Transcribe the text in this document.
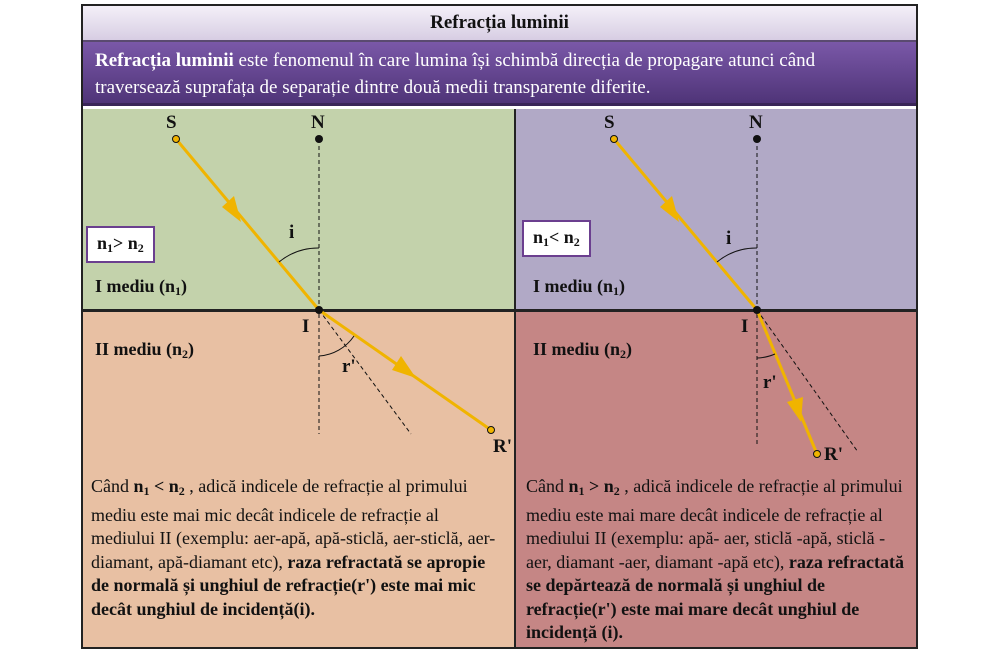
Refracția luminii
Refracția luminii este fenomenul în care lumina își schimbă direcția de propagare atunci când traversează suprafața de separație dintre două medii transparente diferite.
S	N
i
I
r'
R'
$n_1> n_2$
I mediu $(n_1)$
II mediu $(n_2)$
Când $n_1 < n_2$ , adică indicele de refracție al primului mediu este mai mic decât indicele de refracție al mediului II (exemplu: aer-apă, apă-sticlă, aer-sticlă, aer-diamant, apă-diamant etc), raza refractată se apropie de normală și unghiul de refracție(r') este mai mic decât unghiul de incidență(i).
S	N
i
I
r'
R'
$n_1< n_2$
I mediu $(n_1)$
II mediu $(n_2)$
Când $n_1 > n_2$ , adică indicele de refracție al primului mediu este mai mare decât indicele de refracție al mediului II (exemplu: apă- aer, sticlă -apă, sticlă -aer, diamant -aer, diamant -apă etc), raza refractată se depărtează de normală și unghiul de refracție(r') este mai mare decât unghiul de incidență (i).
